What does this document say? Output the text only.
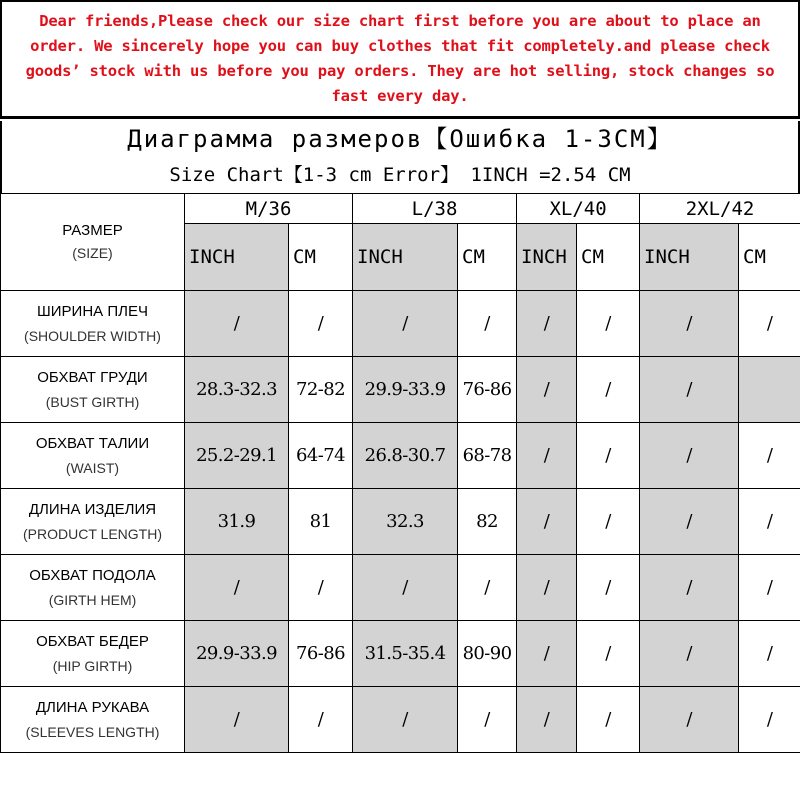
Dear friends,Please check our size chart first before you are about to place an order. We sincerely hope you can buy clothes that fit completely.and please check goods’ stock with us before you pay orders. They are hot selling, stock changes so fast every day.

Диаграмма размеров【Ошибка 1-3СМ】
Size Chart【1-3 cm Error】 1INCH =2.54 CM
РАЗМЕР
(SIZE)	M/36		L/38		XL/40		2XL/42	
	INCH	CM	INCH	CM	INCH	CM	INCH	CM

ШИРИНА ПЛЕЧ
(SHOULDER WIDTH)	/	/	/	/	/	/	/	/

ОБХВАТ ГРУДИ
(BUST GIRTH)	28.3-32.3	72-82	29.9-33.9	76-86	/	/	/	

ОБХВАТ ТАЛИИ
(WAIST)	25.2-29.1	64-74	26.8-30.7	68-78	/	/	/	/

ДЛИНА ИЗДЕЛИЯ
(PRODUCT LENGTH)	31.9	81	32.3	82	/	/	/	/

ОБХВАТ ПОДОЛА
(GIRTH HEM)	/	/	/	/	/	/	/	/

ОБХВАТ БЕДЕР
(HIP GIRTH)	29.9-33.9	76-86	31.5-35.4	80-90	/	/	/	/

ДЛИНА РУКАВА
(SLEEVES LENGTH)	/	/	/	/	/	/	/	/
